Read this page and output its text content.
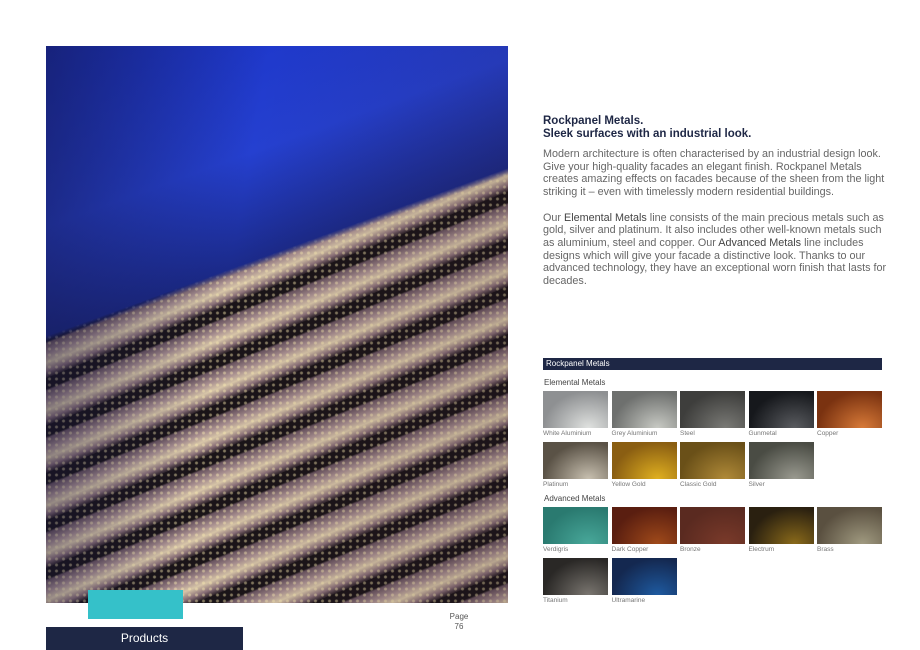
Products
Page
76
Rockpanel Metals.
Sleek surfaces with an industrial look.

Modern architecture is often characterised by an industrial design look. Give your high-quality facades an elegant finish. Rockpanel Metals creates amazing effects on facades because of the sheen from the light striking it – even with timelessly modern residential buildings.

Our Elemental Metals line consists of the main precious metals such as gold, silver and platinum. It also includes other well-known metals such as aluminium, steel and copper. Our Advanced Metals line includes designs which will give your facade a distinctive look. Thanks to our advanced technology, they have an exceptional worn finish that lasts for decades.

Rockpanel Metals
Elemental Metals
White Aluminium	Grey Aluminium	Steel	Gunmetal	Copper
Platinum	Yellow Gold	Classic Gold	Silver
Advanced Metals
Verdigris	Dark Copper	Bronze	Electrum	Brass
Titanium	Ultramarine
